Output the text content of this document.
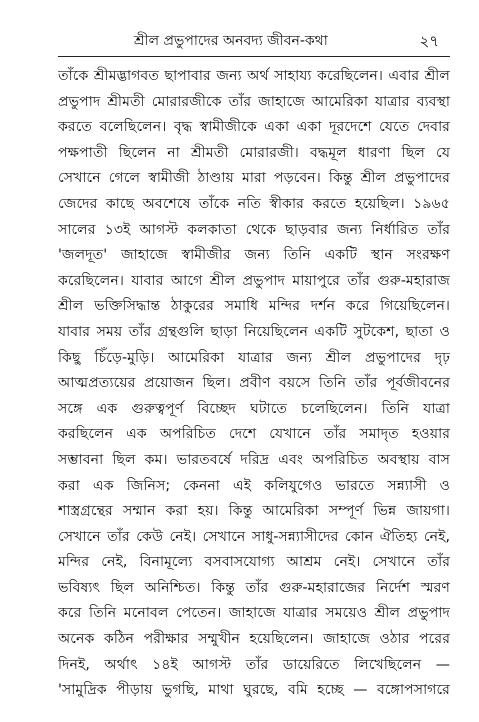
শ্রীল প্রভুপাদের অনবদ্য জীবন-কথা	২৭
তাঁকে শ্রীমদ্ভাগবত ছাপাবার জন্য অর্থ সাহায্য করেছিলেন। এবার শ্রীল
প্রভুপাদ শ্রীমতী মোরারজীকে তাঁর জাহাজে আমেরিকা যাত্রার ব্যবস্থা
করতে বলেছিলেন। বৃদ্ধ স্বামীজীকে একা একা দূরদেশে যেতে দেবার
পক্ষপাতী ছিলেন না শ্রীমতী মোরারজী। বদ্ধমূল ধারণা ছিল যে
সেখানে গেলে স্বামীজী ঠাণ্ডায় মারা পড়বেন। কিন্তু শ্রীল প্রভুপাদের
জেদের কাছে অবশেষে তাঁকে নতি স্বীকার করতে হয়েছিল। ১৯৬৫
সালের ১৩ই আগস্ট কলকাতা থেকে ছাড়বার জন্য নির্ধারিত তাঁর
'জলদূত' জাহাজে স্বামীজীর জন্য তিনি একটি স্থান সংরক্ষণ
করেছিলেন। যাবার আগে শ্রীল প্রভুপাদ মায়াপুরে তাঁর গুরু-মহারাজ
শ্রীল ভক্তিসিদ্ধান্ত ঠাকুরের সমাধি মন্দির দর্শন করে গিয়েছিলেন।
যাবার সময় তাঁর গ্রন্থগুলি ছাড়া নিয়েছিলেন একটি সুটকেশ, ছাতা ও
কিছু চিঁড়ে-মুড়ি। আমেরিকা যাত্রার জন্য শ্রীল প্রভুপাদের দৃঢ়
আত্মপ্রত্যয়ের প্রয়োজন ছিল। প্রবীণ বয়সে তিনি তাঁর পূর্বজীবনের
সঙ্গে এক গুরুত্বপূর্ণ বিচ্ছেদ ঘটাতে চলেছিলেন। তিনি যাত্রা
করছিলেন এক অপরিচিত দেশে যেখানে তাঁর সমাদৃত হওয়ার
সম্ভাবনা ছিল কম। ভারতবর্ষে দরিদ্র এবং অপরিচিত অবস্থায় বাস
করা এক জিনিস; কেননা এই কলিযুগেও ভারতে সন্ন্যাসী ও
শাস্ত্রগ্রন্থের সম্মান করা হয়। কিন্তু আমেরিকা সম্পূর্ণ ভিন্ন জায়গা।
সেখানে তাঁর কেউ নেই। সেখানে সাধু-সন্ন্যাসীদের কোন ঐতিহ্য নেই,
মন্দির নেই, বিনামূল্যে বসবাসযোগ্য আশ্রম নেই। সেখানে তাঁর
ভবিষ্যৎ ছিল অনিশ্চিত। কিন্তু তাঁর গুরু-মহারাজের নির্দেশ স্মরণ
করে তিনি মনোবল পেতেন। জাহাজে যাত্রার সময়েও শ্রীল প্রভুপাদ
অনেক কঠিন পরীক্ষার সম্মুখীন হয়েছিলেন। জাহাজে ওঠার পরের
দিনই, অর্থাৎ ১৪ই আগস্ট তাঁর ডায়েরিতে লিখেছিলেন —
'সামুদ্রিক পীড়ায় ভুগছি, মাথা ঘুরছে, বমি হচ্ছে — বঙ্গোপসাগরে
